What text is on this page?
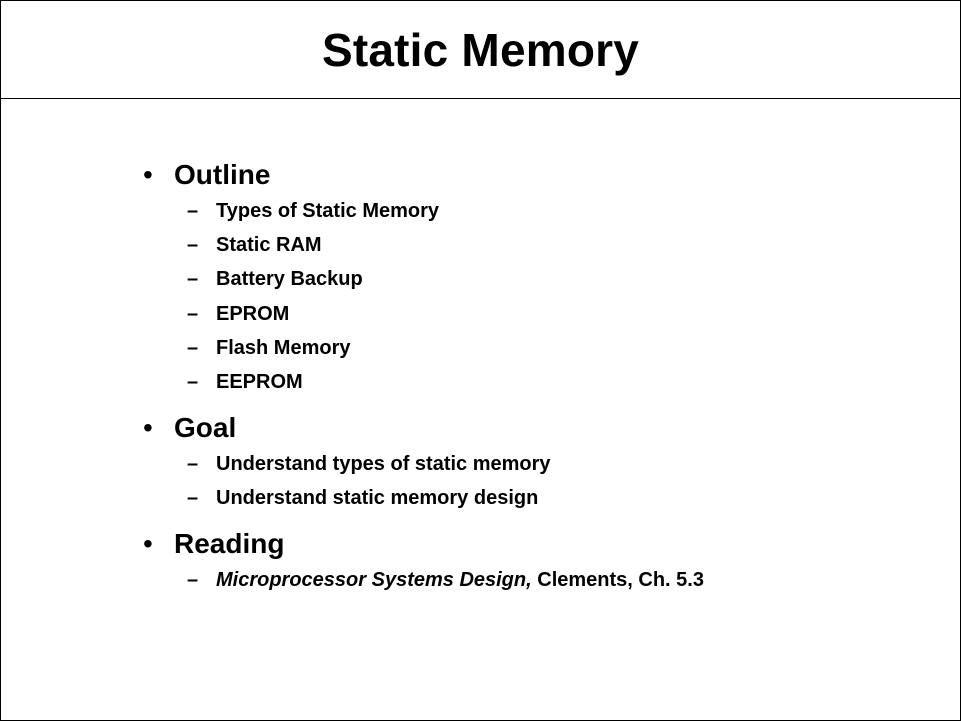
Static Memory
• Outline
– Types of Static Memory
– Static RAM
– Battery Backup
– EPROM
– Flash Memory
– EEPROM
• Goal
– Understand types of static memory
– Understand static memory design
• Reading
– Microprocessor Systems Design, Clements, Ch. 5.3
